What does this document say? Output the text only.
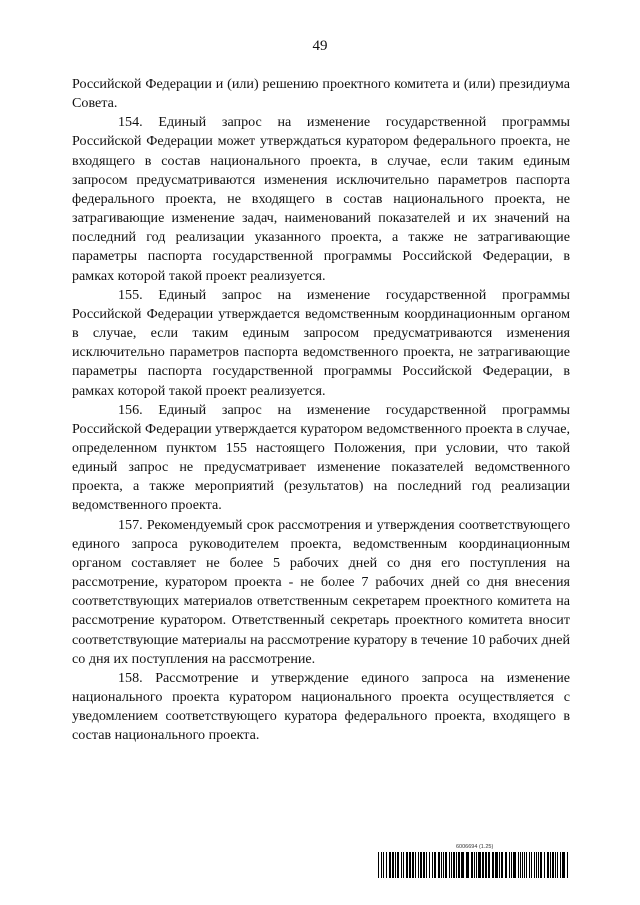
49

Российской Федерации и (или) решению проектного комитета и (или) президиума Совета.

154. Единый запрос на изменение государственной программы Российской Федерации может утверждаться куратором федерального проекта, не входящего в состав национального проекта, в случае, если таким единым запросом предусматриваются изменения исключительно параметров паспорта федерального проекта, не входящего в состав национального проекта, не затрагивающие изменение задач, наименований показателей и их значений на последний год реализации указанного проекта, а также не затрагивающие параметры паспорта государственной программы Российской Федерации, в рамках которой такой проект реализуется.

155. Единый запрос на изменение государственной программы Российской Федерации утверждается ведомственным координационным органом в случае, если таким единым запросом предусматриваются изменения исключительно параметров паспорта ведомственного проекта, не затрагивающие параметры паспорта государственной программы Российской Федерации, в рамках которой такой проект реализуется.

156. Единый запрос на изменение государственной программы Российской Федерации утверждается куратором ведомственного проекта в случае, определенном пунктом 155 настоящего Положения, при условии, что такой единый запрос не предусматривает изменение показателей ведомственного проекта, а также мероприятий (результатов) на последний год реализации ведомственного проекта.

157. Рекомендуемый срок рассмотрения и утверждения соответствующего единого запроса руководителем проекта, ведомственным координационным органом составляет не более 5 рабочих дней со дня его поступления на рассмотрение, куратором проекта - не более 7 рабочих дней со дня внесения соответствующих материалов ответственным секретарем проектного комитета на рассмотрение куратором. Ответственный секретарь проектного комитета вносит соответствующие материалы на рассмотрение куратору в течение 10 рабочих дней со дня их поступления на рассмотрение.

158. Рассмотрение и утверждение единого запроса на изменение национального проекта куратором национального проекта осуществляется с уведомлением соответствующего куратора федерального проекта, входящего в состав национального проекта.

6006694 (1.25)
